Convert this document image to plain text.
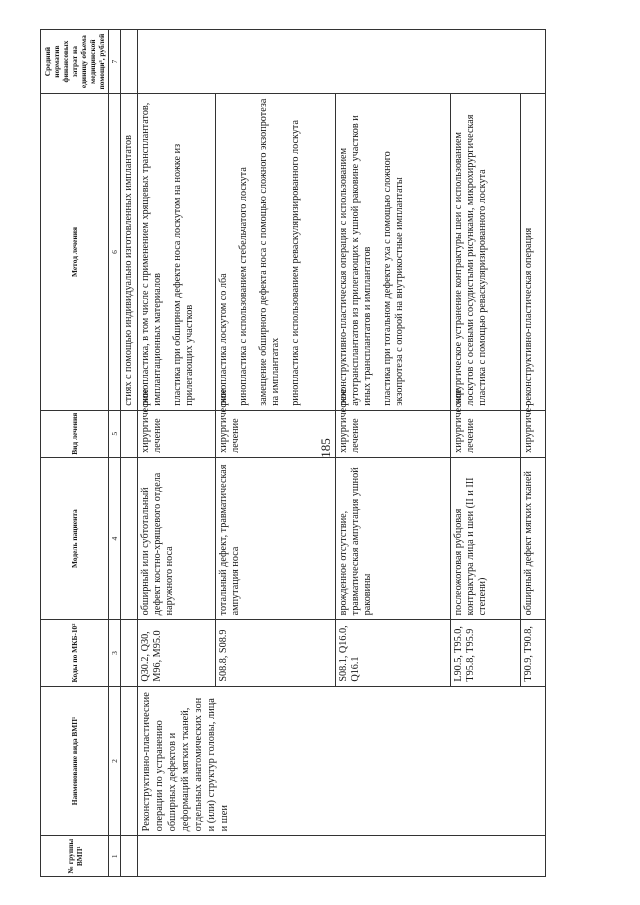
185
№ группы ВМП¹	Наименование вида ВМП¹	Коды по МКБ-10²	Модель пациента	Вид лечения	Метод лечения	Средний норматив финансовых затрат на единицу объема медицинской помощи³, рублей
1	2	3	4	5	6	7
					стиях с помощью индивидуально изготовленных имплантатов	
	Реконструктивно-пластические операции по устранению обширных дефектов и деформаций мягких тканей, отдельных анатомических зон и (или) структур головы, лица и шеи	Q30.2, Q30, M96, M95.0	обширный или субтотальный дефект костно-хрящевого отдела наружного носа	хирургическое лечение	ринопластика, в том числе с применением хрящевых трансплантатов, имплантационных материалов пластика при обширном дефекте носа лоскутом на ножке из прилегающих участков	

		S08.8, S08.9	тотальный дефект, травматическая ампутация носа	хирургическое лечение	ринопластика лоскутом со лба ринопластика с использованием стебельчатого лоскута замещение обширного дефекта носа с помощью сложного экзопротеза на имплантатах ринопластика с использованием реваскуляризированного лоскута	

		S08.1, Q16.0, Q16.1	врожденное отсутствие, травматическая ампутация ушной раковины	хирургическое лечение	реконструктивно-пластическая операция с использованием аутотрансплантатов из прилегающих к ушной раковине участков и иных трансплантатов и имплантатов пластика при тотальном дефекте уха с помощью сложного экзопротеза с опорой на внутрикостные имплантаты	

		L90.5, T95.0, T95.8, T95.9	послеожоговая рубцовая контрактура лица и шеи (II и III степени)	хирургическое лечение	хирургическое устранение контрактуры шеи с использованием лоскутов с осевыми сосудистыми рисунками, микрохирургическая пластика с помощью реваскуляризированного лоскута	

		T90.9, T90.8,	обширный дефект мягких тканей	хирургиче-	реконструктивно-пластическая операция	
